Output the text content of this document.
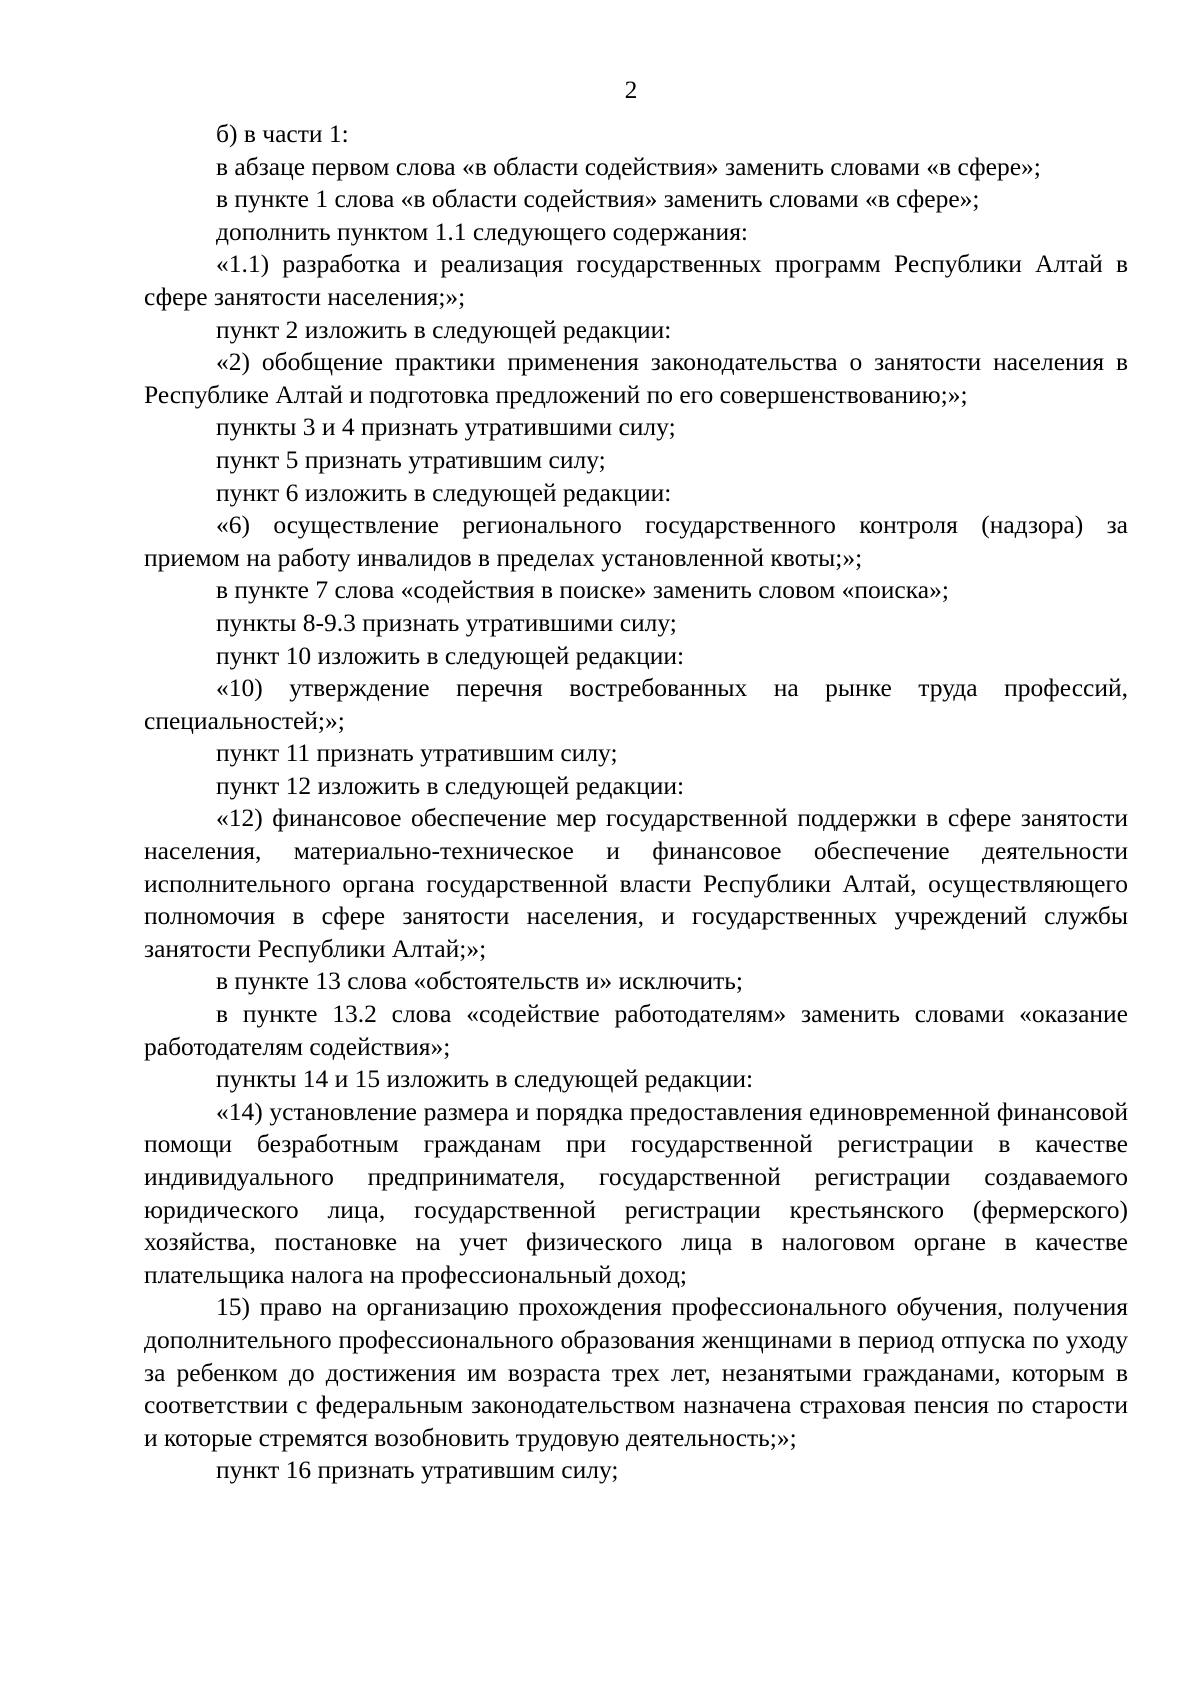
2

б) в части 1:

в абзаце первом слова «в области содействия» заменить словами «в сфере»;

в пункте 1 слова «в области содействия» заменить словами «в сфере»;

дополнить пунктом 1.1 следующего содержания:

«1.1) разработка и реализация государственных программ Республики Алтай в сфере занятости населения;»;

пункт 2 изложить в следующей редакции:

«2) обобщение практики применения законодательства о занятости населения в Республике Алтай и подготовка предложений по его совершенствованию;»;

пункты 3 и 4 признать утратившими силу;

пункт 5 признать утратившим силу;

пункт 6 изложить в следующей редакции:

«6) осуществление регионального государственного контроля (надзора) за приемом на работу инвалидов в пределах установленной квоты;»;

в пункте 7 слова «содействия в поиске» заменить словом «поиска»;

пункты 8-9.3 признать утратившими силу;

пункт 10 изложить в следующей редакции:

«10) утверждение перечня востребованных на рынке труда профессий, специальностей;»;

пункт 11 признать утратившим силу;

пункт 12 изложить в следующей редакции:

«12) финансовое обеспечение мер государственной поддержки в сфере занятости населения, материально-техническое и финансовое обеспечение деятельности исполнительного органа государственной власти Республики Алтай, осуществляющего полномочия в сфере занятости населения, и государственных учреждений службы занятости Республики Алтай;»;

в пункте 13 слова «обстоятельств и» исключить;

в пункте 13.2 слова «содействие работодателям» заменить словами «оказание работодателям содействия»;

пункты 14 и 15 изложить в следующей редакции:

«14) установление размера и порядка предоставления единовременной финансовой помощи безработным гражданам при государственной регистрации в качестве индивидуального предпринимателя, государственной регистрации создаваемого юридического лица, государственной регистрации крестьянского (фермерского) хозяйства, постановке на учет физического лица в налоговом органе в качестве плательщика налога на профессиональный доход;

15) право на организацию прохождения профессионального обучения, получения дополнительного профессионального образования женщинами в период отпуска по уходу за ребенком до достижения им возраста трех лет, незанятыми гражданами, которым в соответствии с федеральным законодательством назначена страховая пенсия по старости и которые стремятся возобновить трудовую деятельность;»;

пункт 16 признать утратившим силу;
